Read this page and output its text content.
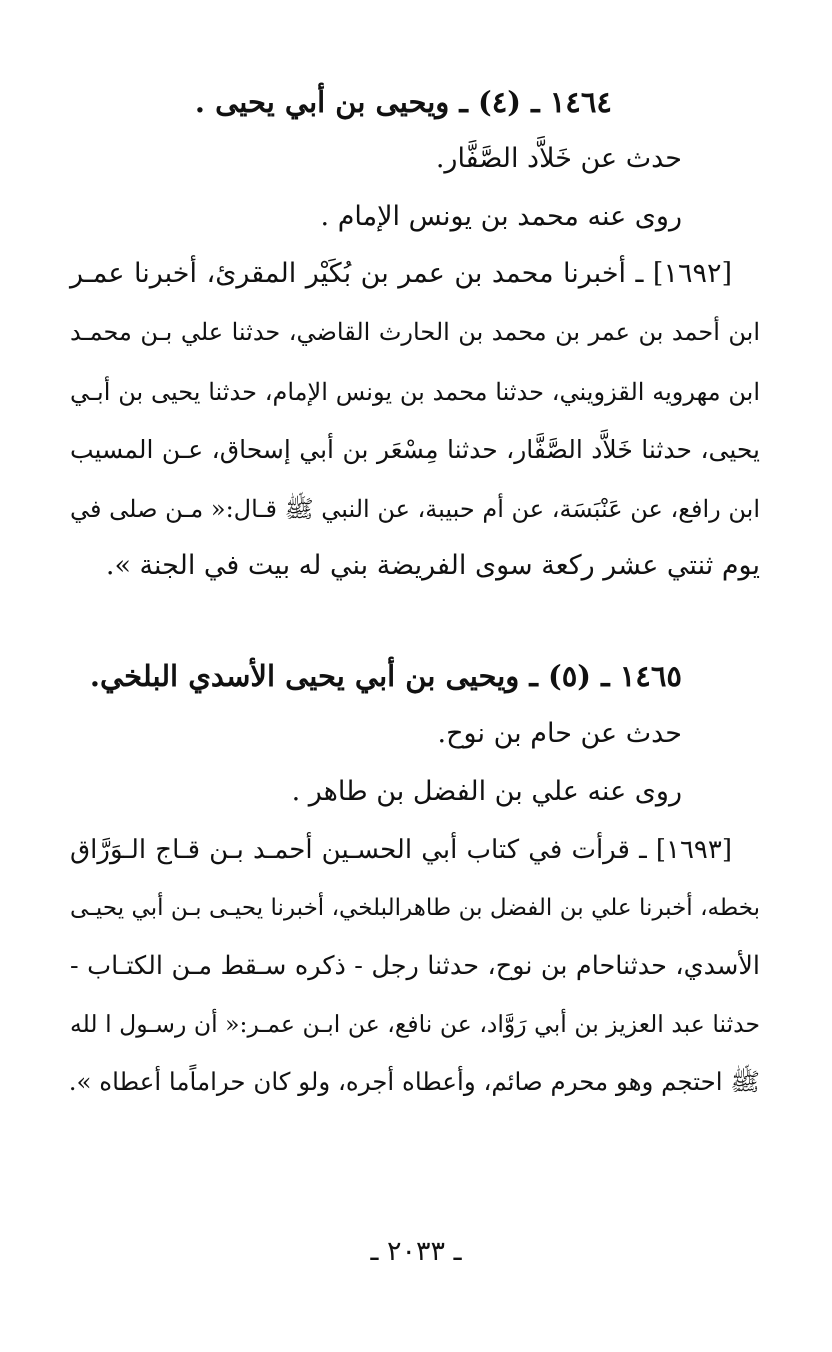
١٤٦٤ ـ (٤) ـ ويحيى بن أبي يحيى .

حدث عن خَلاَّد الصَّفَّار.

روى عنه محمد بن يونس الإمام .

[١٦٩٢] ـ أخبرنا محمد بن عمر بن بُكَيْر المقرئ، أخبرنا عمـر

ابن أحمد بن عمر بن محمد بن الحارث القاضي، حدثنا علي بـن محمـد

ابن مهرويه القزويني، حدثنا محمد بن يونس الإمام، حدثنا يحيى بن أبـي

يحيى، حدثنا خَلاَّد الصَّفَّار، حدثنا مِسْعَر بن أبي إسحاق، عـن المسيب

ابن رافع، عن عَنْبَسَة، عن أم حبيبة، عن النبي ﷺ قـال:« مـن صلى في

يوم ثنتي عشر ركعة سوى الفريضة بني له بيت في الجنة ».

١٤٦٥ ـ (٥) ـ ويحيى بن أبي يحيى الأسدي البلخي.

حدث عن حام بن نوح.

روى عنه علي بن الفضل بن طاهر .

[١٦٩٣] ـ قرأت في كتاب أبي الحسـين أحمـد بـن قـاج الـوَرَّاق

بخطه، أخبرنا علي بن الفضل بن طاهرالبلخي، أخبرنا يحيـى بـن أبي يحيـى

الأسدي، حدثناحام بن نوح، حدثنا رجل - ذكره سـقط مـن الكتـاب -

حدثنا عبد العزيز بن أبي رَوَّاد، عن نافع، عن ابـن عمـر:« أن رسـول ا لله

ﷺ احتجم وهو محرم صائم، وأعطاه أجره، ولو كان حراماًما أعطاه ».

ـ ٢٠٣٣ ـ
